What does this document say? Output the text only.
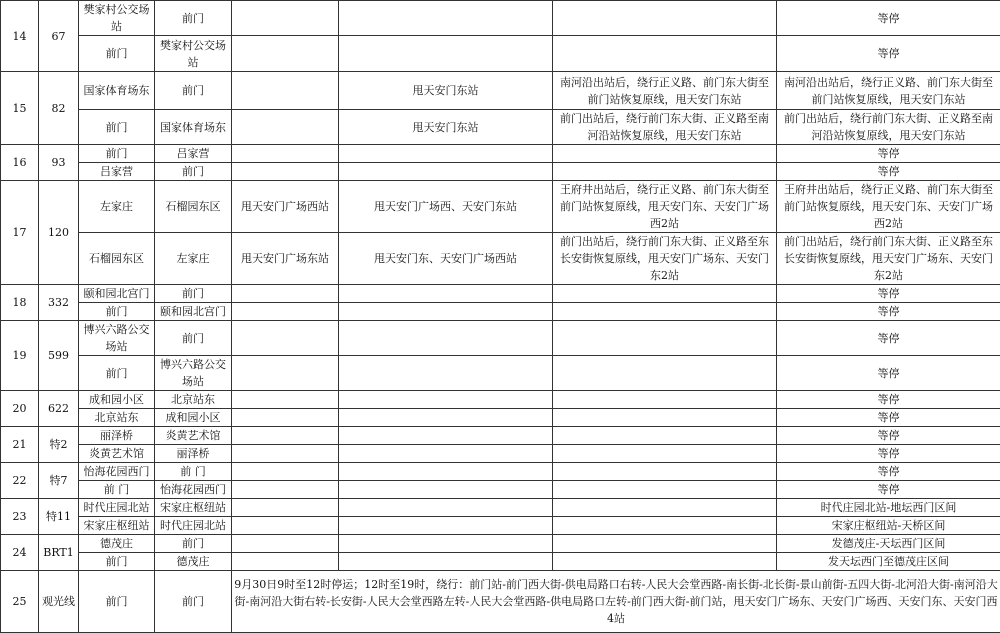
14	67	樊家村公交场站	前门				等停
		前门	樊家村公交场站				等停
15	82	国家体育场东	前门		甩天安门东站	南河沿出站后，绕行正义路、前门东大街至前门站恢复原线，甩天安门东站	南河沿出站后，绕行正义路、前门东大街至前门站恢复原线，甩天安门东站
		前门	国家体育场东		甩天安门东站	前门出站后，绕行前门东大街、正义路至南河沿站恢复原线，甩天安门东站	前门出站后，绕行前门东大街、正义路至南河沿站恢复原线，甩天安门东站
16	93	前门	吕家营				等停
		吕家营	前门				等停
17	120	左家庄	石榴园东区	甩天安门广场西站	甩天安门广场西、天安门东站	王府井出站后，绕行正义路、前门东大街至前门站恢复原线，甩天安门东、天安门广场西2站	王府井出站后，绕行正义路、前门东大街至前门站恢复原线，甩天安门东、天安门广场西2站
		石榴园东区	左家庄	甩天安门广场东站	甩天安门东、天安门广场西站	前门出站后，绕行前门东大街、正义路至东长安街恢复原线，甩天安门广场东、天安门东2站	前门出站后，绕行前门东大街、正义路至东长安街恢复原线，甩天安门广场东、天安门东2站
18	332	颐和园北宫门	前门				等停
		前门	颐和园北宫门				等停
19	599	博兴六路公交场站	前门				等停
		前门	博兴六路公交场站				等停
20	622	成和园小区	北京站东				等停
		北京站东	成和园小区				等停
21	特2	丽泽桥	炎黄艺术馆				等停
		炎黄艺术馆	丽泽桥				等停
22	特7	怡海花园西门	前 门				等停
		前 门	怡海花园西门				等停
23	特11	时代庄园北站	宋家庄枢纽站				时代庄园北站-地坛西门区间
		宋家庄枢纽站	时代庄园北站				宋家庄枢纽站-天桥区间
24	BRT1	德茂庄	前门				发德茂庄-天坛西门区间
		前门	德茂庄				发天坛西门至德茂庄区间
25	观光线	前门	前门	9月30日9时至12时停运；12时至19时，绕行：前门站-前门西大街-供电局路口右转-人民大会堂西路-南长街-北长街-景山前街-五四大街-北河沿大街-南河沿大街-南河沿大街右转-长安街-人民大会堂西路左转-人民大会堂西路-供电局路口左转-前门西大街-前门站，甩天安门广场东、天安门广场西、天安门东、天安门西4站			
